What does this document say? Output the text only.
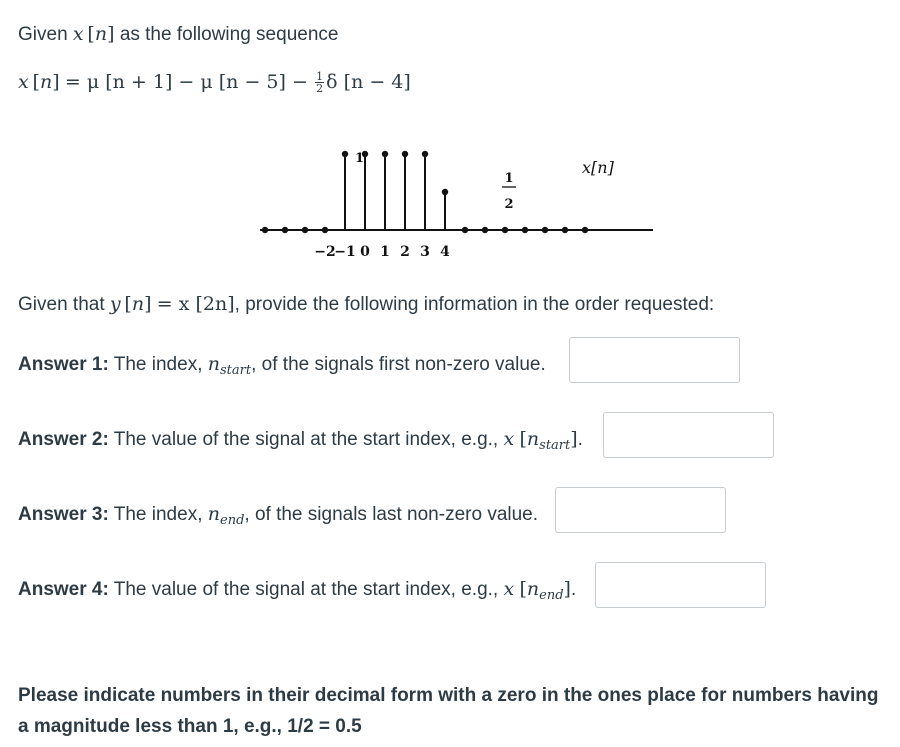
Given x [n] as the following sequence
x [n] = μ [n + 1] − μ $[n - 5] - \frac{1}{2}$ δ [n − 4]
1
1
2
x[n]
−2
−1 0 1 2 3 4
Given that y [n] = x [2n], provide the following information in the order requested:
Answer 1: The index, $n_{start}$, of the signals first non-zero value.
Answer 2: The value of the signal at the start index, e.g., x $[n_{start}]$.
Answer 3: The index, $n_{end}$, of the signals last non-zero value.
Answer 4: The value of the signal at the start index, e.g., x $[n_{end}]$.
Please indicate numbers in their decimal form with a zero in the ones place for numbers having a magnitude less than 1, e.g., 1/2 = 0.5
